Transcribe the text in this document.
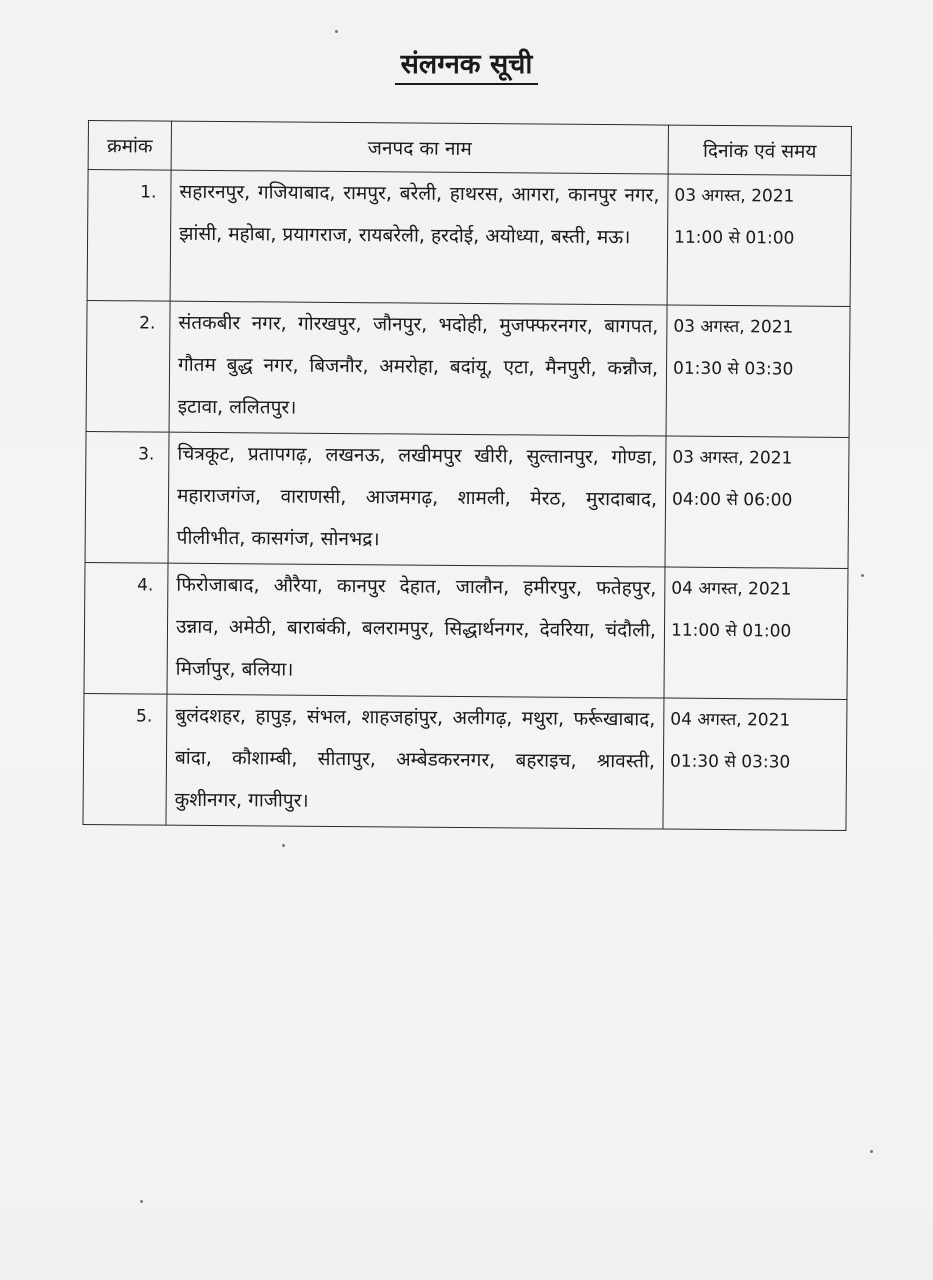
संलग्नक सूची
क्रमांक	जनपद का नाम	दिनांक एवं समय
1.	सहारनपुर, गजियाबाद, रामपुर, बरेली, हाथरस, आगरा, कानपुर नगर, झांसी, महोबा, प्रयागराज, रायबरेली, हरदोई, अयोध्या, बस्ती, मऊ।	03 अगस्त, 2021
11:00 से 01:00

2.	संतकबीर नगर, गोरखपुर, जौनपुर, भदोही, मुजफ्फरनगर, बागपत, गौतम बुद्ध नगर, बिजनौर, अमरोहा, बदांयू, एटा, मैनपुरी, कन्नौज, इटावा, ललितपुर।	03 अगस्त, 2021
01:30 से 03:30

3.	चित्रकूट, प्रतापगढ़, लखनऊ, लखीमपुर खीरी, सुल्तानपुर, गोण्डा, महाराजगंज, वाराणसी, आजमगढ़, शामली, मेरठ, मुरादाबाद, पीलीभीत, कासगंज, सोनभद्र।	03 अगस्त, 2021
04:00 से 06:00

4.	फिरोजाबाद, औरैया, कानपुर देहात, जालौन, हमीरपुर, फतेहपुर, उन्नाव, अमेठी, बाराबंकी, बलरामपुर, सिद्धार्थनगर, देवरिया, चंदौली, मिर्जापुर, बलिया।	04 अगस्त, 2021
11:00 से 01:00

5.	बुलंदशहर, हापुड़, संभल, शाहजहांपुर, अलीगढ़, मथुरा, फर्रूखाबाद, बांदा, कौशाम्बी, सीतापुर, अम्बेडकरनगर, बहराइच, श्रावस्ती, कुशीनगर, गाजीपुर।	04 अगस्त, 2021
01:30 से 03:30
